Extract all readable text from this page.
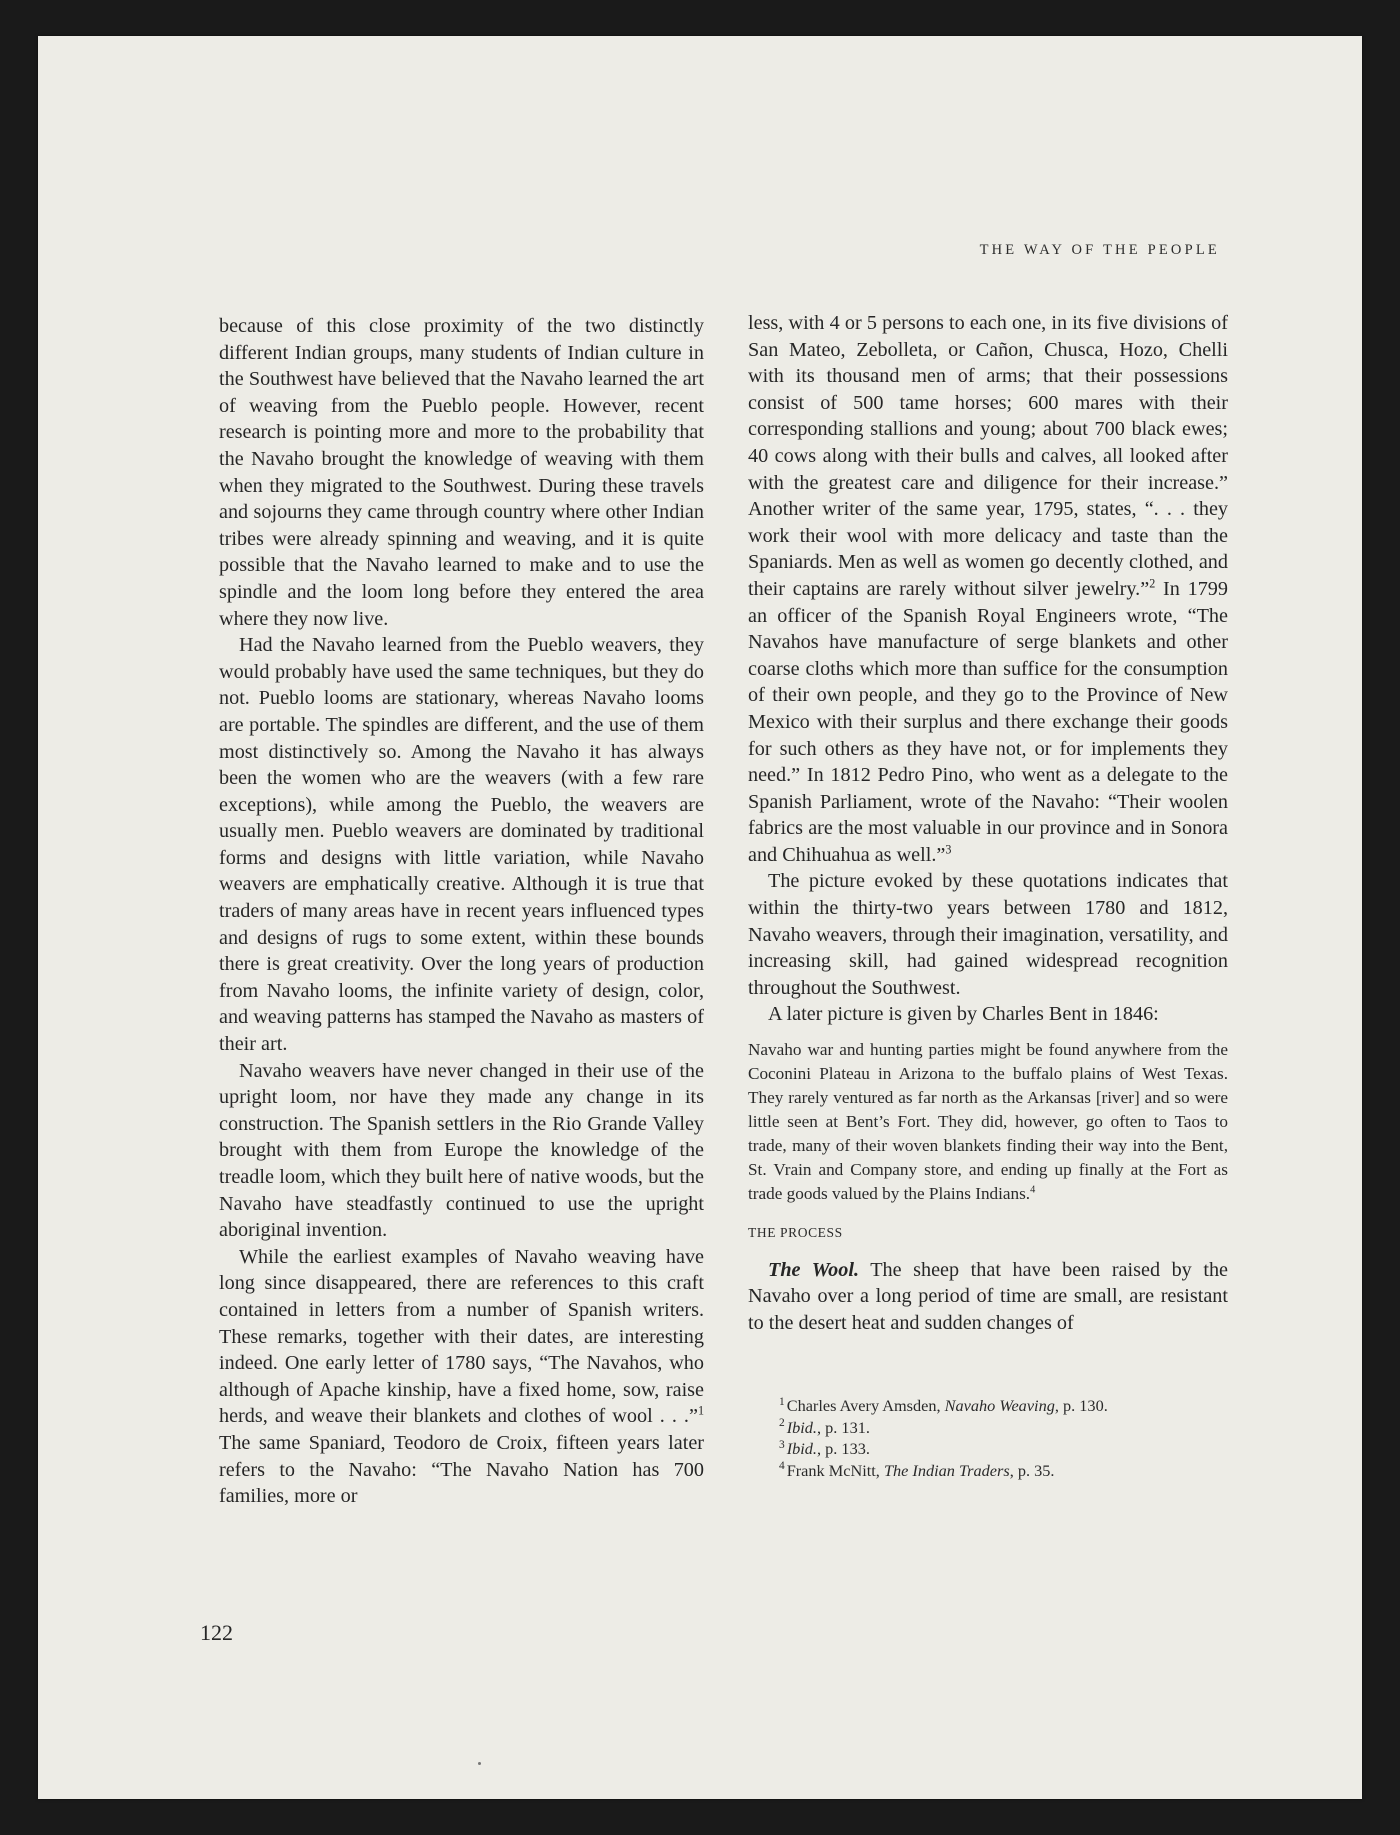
THE WAY OF THE PEOPLE

because of this close proximity of the two distinctly different Indian groups, many students of Indian culture in the Southwest have believed that the Navaho learned the art of weaving from the Pueblo people. However, recent research is pointing more and more to the probability that the Navaho brought the knowledge of weaving with them when they migrated to the Southwest. During these travels and sojourns they came through country where other Indian tribes were already spinning and weaving, and it is quite possible that the Navaho learned to make and to use the spindle and the loom long before they entered the area where they now live.

Had the Navaho learned from the Pueblo weavers, they would probably have used the same techniques, but they do not. Pueblo looms are stationary, whereas Navaho looms are portable. The spindles are different, and the use of them most distinctively so. Among the Navaho it has always been the women who are the weavers (with a few rare exceptions), while among the Pueblo, the weavers are usually men. Pueblo weavers are dominated by traditional forms and designs with little variation, while Navaho weavers are emphatically creative. Although it is true that traders of many areas have in recent years influenced types and designs of rugs to some extent, within these bounds there is great creativity. Over the long years of production from Navaho looms, the infinite variety of design, color, and weaving patterns has stamped the Navaho as masters of their art.

Navaho weavers have never changed in their use of the upright loom, nor have they made any change in its construction. The Spanish settlers in the Rio Grande Valley brought with them from Europe the knowledge of the treadle loom, which they built here of native woods, but the Navaho have steadfastly continued to use the upright aboriginal invention.

While the earliest examples of Navaho weaving have long since disappeared, there are references to this craft contained in letters from a number of Spanish writers. These remarks, together with their dates, are interesting indeed. One early letter of 1780 says, “The Navahos, who although of Apache kinship, have a fixed home, sow, raise herds, and weave their blankets and clothes of wool . . .”$^1$ The same Spaniard, Teodoro de Croix, fifteen years later refers to the Navaho: “The Navaho Nation has 700 families, more or

less, with 4 or 5 persons to each one, in its five divisions of San Mateo, Zebolleta, or Cañon, Chusca, Hozo, Chelli with its thousand men of arms; that their possessions consist of 500 tame horses; 600 mares with their corresponding stallions and young; about 700 black ewes; 40 cows along with their bulls and calves, all looked after with the greatest care and diligence for their increase.” Another writer of the same year, 1795, states, “. . . they work their wool with more delicacy and taste than the Spaniards. Men as well as women go decently clothed, and their captains are rarely without silver jewelry.”$^2$ In 1799 an officer of the Spanish Royal Engineers wrote, “The Navahos have manufacture of serge blankets and other coarse cloths which more than suffice for the consumption of their own people, and they go to the Province of New Mexico with their surplus and there exchange their goods for such others as they have not, or for implements they need.” In 1812 Pedro Pino, who went as a delegate to the Spanish Parliament, wrote of the Navaho: “Their woolen fabrics are the most valuable in our province and in Sonora and Chihuahua as well.”$^3$

The picture evoked by these quotations indicates that within the thirty-two years between 1780 and 1812, Navaho weavers, through their imagination, versatility, and increasing skill, had gained widespread recognition throughout the Southwest.

A later picture is given by Charles Bent in 1846:

Navaho war and hunting parties might be found anywhere from the Coconini Plateau in Arizona to the buffalo plains of West Texas. They rarely ventured as far north as the Arkansas [river] and so were little seen at Bent’s Fort. They did, however, go often to Taos to trade, many of their woven blankets finding their way into the Bent, St. Vrain and Company store, and ending up finally at the Fort as trade goods valued by the Plains Indians.$^4$
THE PROCESS

The Wool. The sheep that have been raised by the Navaho over a long period of time are small, are resistant to the desert heat and sudden changes of

$^1$ Charles Avery Amsden, Navaho Weaving, p. 130.
$^2$ Ibid., p. 131.
$^3$ Ibid., p. 133.
$^4$ Frank McNitt, The Indian Traders, p. 35.
122
